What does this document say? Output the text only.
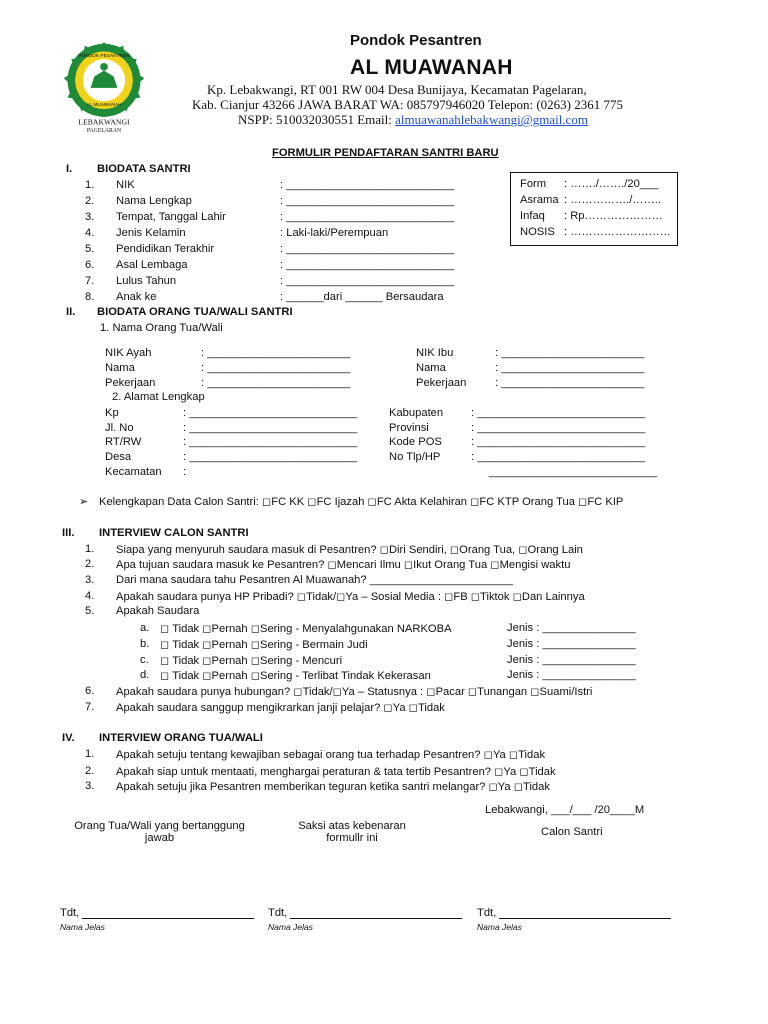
PONDOK PESANTREN
AL MUAWANAH
LEBAKWANGI
PAGELARAN
Pondok Pesantren
AL MUAWANAH
Kp. Lebakwangi, RT 001 RW 004 Desa Bunijaya, Kecamatan Pagelaran,
Kab. Cianjur 43266 JAWA BARAT WA: 085797946020 Telepon: (0263) 2361 775
NSPP: 510032030551 Email: almuawanahlebakwangi@gmail.com
FORMULIR PENDAFTARAN SANTRI BARU
Form : ……./……./20___
Asrama : ……………./……..
Infaq : Rp…………………
NOSIS : ………………………
I. BIODATA SANTRI
1. NIK	: ___________________________
2. Nama Lengkap	: ___________________________
3. Tempat, Tanggal Lahir	: ___________________________
4. Jenis Kelamin	: Laki-laki/Perempuan
5. Pendidikan Terakhir	: ___________________________
6. Asal Lembaga	: ___________________________
7. Lulus Tahun	: ___________________________
8. Anak ke	: ______dari ______ Bersaudara
II. BIODATA ORANG TUA/WALI SANTRI
1. Nama Orang Tua/Wali
NIK Ayah	: _______________________
Nama	: _______________________
Pekerjaan	: _______________________
NIK Ibu	: _______________________
Nama	: _______________________
Pekerjaan	: _______________________
2. Alamat Lengkap
Kp	: ___________________________
Jl. No	: ___________________________
RT/RW	: ___________________________
Desa	: ___________________________
Kecamatan :
Kabupaten : ___________________________
Provinsi	: ___________________________
Kode POS	: ___________________________
No Tlp/HP	: ___________________________
___________________________
➢ Kelengkapan Data Calon Santri: ◻FC KK ◻FC Ijazah ◻FC Akta Kelahiran ◻FC KTP Orang Tua ◻FC KIP
III. INTERVIEW CALON SANTRI
1. Siapa yang menyuruh saudara masuk di Pesantren? ◻Diri Sendiri, ◻Orang Tua, ◻Orang Lain
2. Apa tujuan saudara masuk ke Pesantren? ◻Mencari Ilmu ◻Ikut Orang Tua ◻Mengisi waktu
3. Dari mana saudara tahu Pesantren Al Muawanah? _______________________
4. Apakah saudara punya HP Pribadi? ◻Tidak/◻Ya – Sosial Media : ◻FB ◻Tiktok ◻Dan Lainnya
5. Apakah Saudara
a. ◻ Tidak ◻Pernah ◻Sering - Menyalahgunakan NARKOBA	Jenis : _______________
b. ◻ Tidak ◻Pernah ◻Sering - Bermain Judi	Jenis : _______________
c. ◻ Tidak ◻Pernah ◻Sering - Mencuri	Jenis : _______________
d. ◻ Tidak ◻Pernah ◻Sering - Terlibat Tindak Kekerasan	Jenis : _______________
6. Apakah saudara punya hubungan? ◻Tidak/◻Ya – Statusnya : ◻Pacar ◻Tunangan ◻Suami/Istri
7. Apakah saudara sanggup mengikrarkan janji pelajar? ◻Ya ◻Tidak
IV. INTERVIEW ORANG TUA/WALI
1. Apakah setuju tentang kewajiban sebagai orang tua terhadap Pesantren? ◻Ya ◻Tidak
2. Apakah siap untuk mentaati, menghargai peraturan & tata tertib Pesantren? ◻Ya ◻Tidak
3. Apakah setuju jika Pesantren memberikan teguran ketika santri melangar? ◻Ya ◻Tidak
Lebakwangi, ___/___ /20____M
Orang Tua/Wali yang bertanggung
jawab
Saksi atas kebenaran
formullr ini	Calon Santri
Tdt,
Nama Jelas
Tdt,
Nama Jelas
Tdt,
Nama Jelas
